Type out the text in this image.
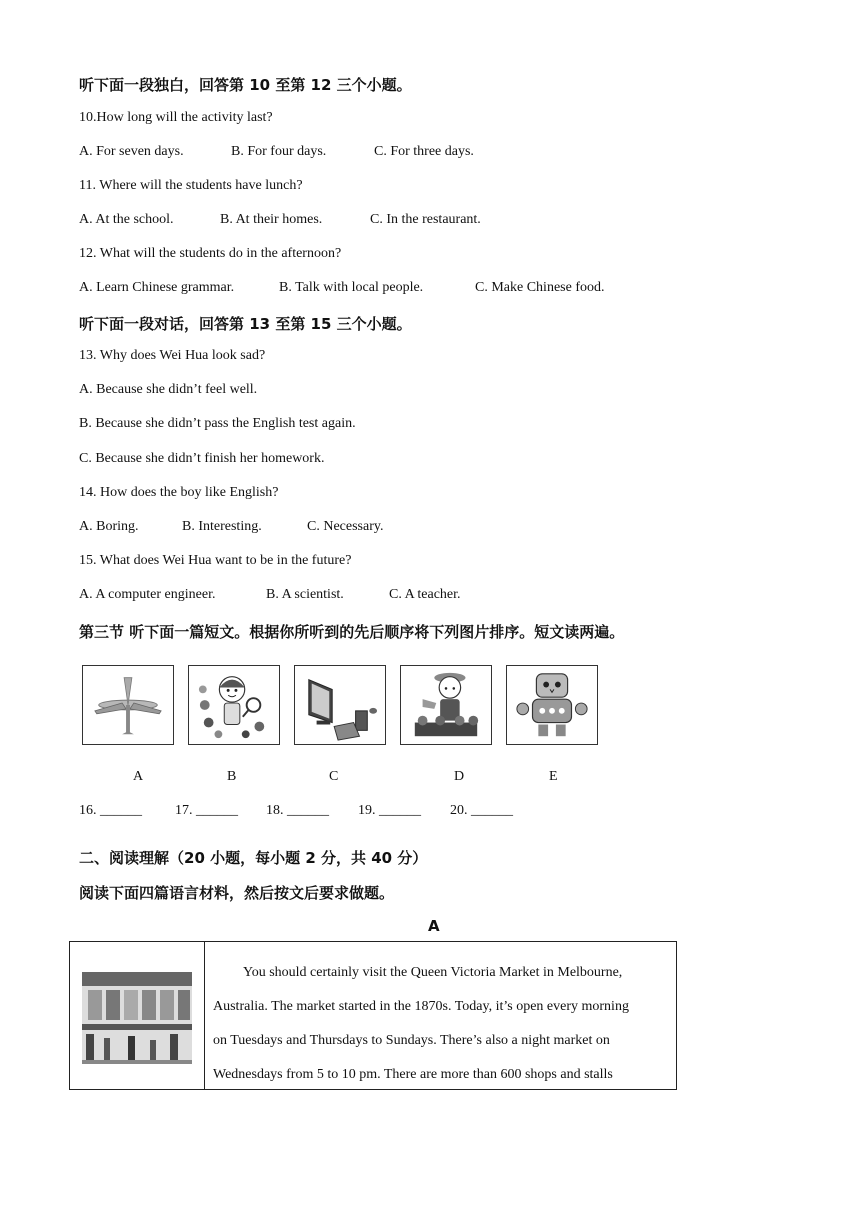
听下面一段独白，回答第 10 至第 12 三个小题。
10.How long will the activity last?
A. For seven days.	B. For four days.	C. For three days.
11. Where will the students have lunch?
A. At the school.	B. At their homes.	C. In the restaurant.
12. What will the students do in the afternoon?
A. Learn Chinese grammar.	B. Talk with local people.	C. Make Chinese food.
听下面一段对话，回答第 13 至第 15 三个小题。
13. Why does Wei Hua look sad?
A. Because she didn’t feel well.
B. Because she didn’t pass the English test again.
C. Because she didn’t finish her homework.
14. How does the boy like English?
A. Boring.	B. Interesting.	C. Necessary.
15. What does Wei Hua want to be in the future?
A. A computer engineer.	B. A scientist.	C. A teacher.
第三节 听下面一篇短文。根据你所听到的先后顺序将下列图片排序。短文读两遍。
A	B	C	D	E
16. ______ 17. ______ 18. ______ 19. ______ 20. ______
二、阅读理解（20 小题，每小题 2 分，共 40 分）
阅读下面四篇语言材料，然后按文后要求做题。
A

You should certainly visit the Queen Victoria Market in Melbourne,

Australia. The market started in the 1870s. Today, it’s open every morning

on Tuesdays and Thursdays to Sundays. There’s also a night market on

Wednesdays from 5 to 10 pm. There are more than 600 shops and stalls
